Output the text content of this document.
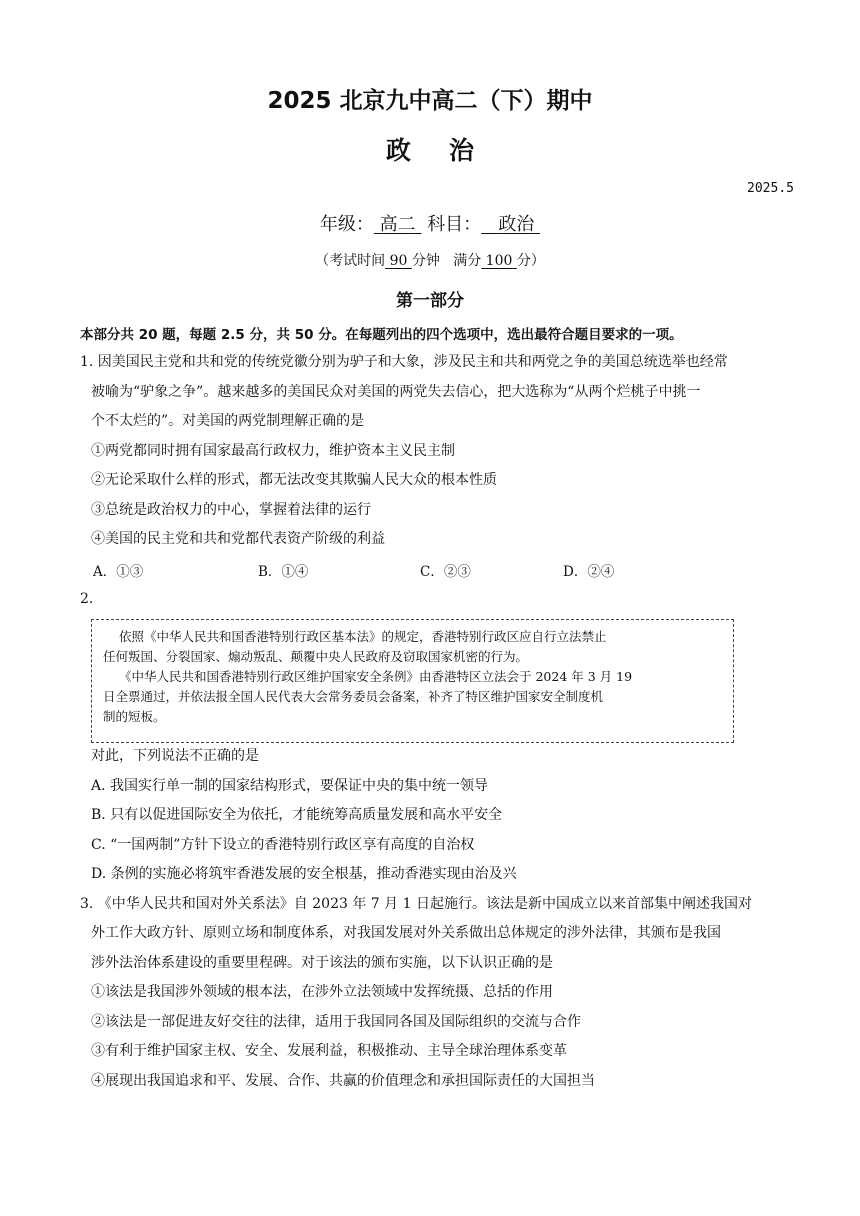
2025 北京九中高二（下）期中
政治
2025.5
年级： 高二 科目： 政治
（考试时间 90 分钟 满分 100 分）
第一部分
本部分共 20 题，每题 2.5 分，共 50 分。在每题列出的四个选项中，选出最符合题目要求的一项。
1. 因美国民主党和共和党的传统党徽分别为驴子和大象，涉及民主和共和两党之争的美国总统选举也经常
被喻为“驴象之争”。越来越多的美国民众对美国的两党失去信心，把大选称为“从两个烂桃子中挑一
个不太烂的”。对美国的两党制理解正确的是
①两党都同时拥有国家最高行政权力，维护资本主义民主制
②无论采取什么样的形式，都无法改变其欺骗人民大众的根本性质
③总统是政治权力的中心，掌握着法律的运行
④美国的民主党和共和党都代表资产阶级的利益
A．①③	B．①④	C．②③	D．②④
2.
依照《中华人民共和国香港特别行政区基本法》的规定，香港特别行政区应自行立法禁止
任何叛国、分裂国家、煽动叛乱、颠覆中央人民政府及窃取国家机密的行为。
《中华人民共和国香港特别行政区维护国家安全条例》由香港特区立法会于 2024 年 3 月 19
日全票通过，并依法报全国人民代表大会常务委员会备案，补齐了特区维护国家安全制度机
制的短板。
对此，下列说法不正确的是
A. 我国实行单一制的国家结构形式，要保证中央的集中统一领导
B. 只有以促进国际安全为依托，才能统筹高质量发展和高水平安全
C. “一国两制”方针下设立的香港特别行政区享有高度的自治权
D. 条例的实施必将筑牢香港发展的安全根基，推动香港实现由治及兴
3. 《中华人民共和国对外关系法》自 2023 年 7 月 1 日起施行。该法是新中国成立以来首部集中阐述我国对
外工作大政方针、原则立场和制度体系，对我国发展对外关系做出总体规定的涉外法律，其颁布是我国
涉外法治体系建设的重要里程碑。对于该法的颁布实施，以下认识正确的是
①该法是我国涉外领域的根本法，在涉外立法领域中发挥统摄、总括的作用
②该法是一部促进友好交往的法律，适用于我国同各国及国际组织的交流与合作
③有利于维护国家主权、安全、发展利益，积极推动、主导全球治理体系变革
④展现出我国追求和平、发展、合作、共赢的价值理念和承担国际责任的大国担当
